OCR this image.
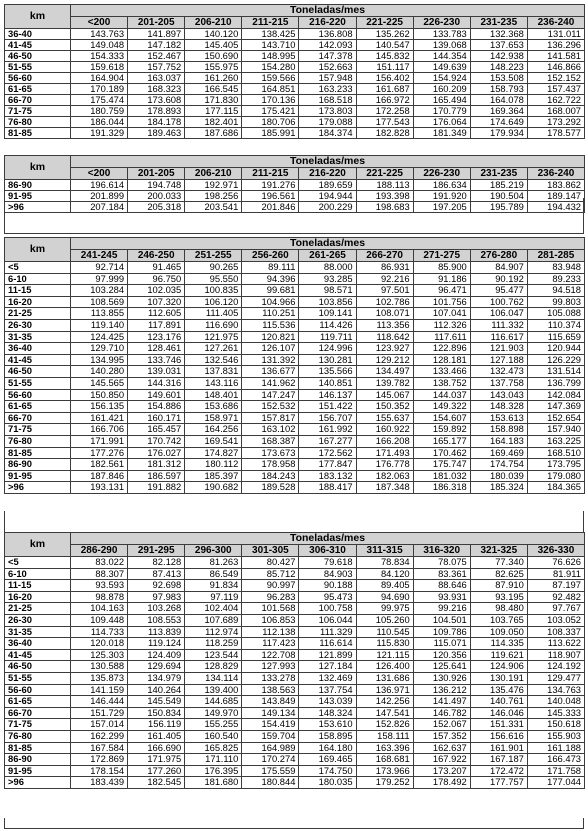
km	Toneladas/mes								
	<200	201-205	206-210	211-215	216-220	221-225	226-230	231-235	236-240
36-40	143.763	141.897	140.120	138.425	136.808	135.262	133.783	132.368	131.011
41-45	149.048	147.182	145.405	143.710	142.093	140.547	139.068	137.653	136.296
46-50	154.333	152.467	150.690	148.995	147.378	145.832	144.354	142.938	141.581
51-55	159.618	157.752	155.975	154.280	152.663	151.117	149.639	148.223	146.866
56-60	164.904	163.037	161.260	159.566	157.948	156.402	154.924	153.508	152.152
61-65	170.189	168.323	166.545	164.851	163.233	161.687	160.209	158.793	157.437
66-70	175.474	173.608	171.830	170.136	168.518	166.972	165.494	164.078	162.722
71-75	180.759	178.893	177.115	175.421	173.803	172.258	170.779	169.364	168.007
76-80	186.044	184.178	182.401	180.706	179.088	177.543	176.064	174.649	173.292
81-85	191.329	189.463	187.686	185.991	184.374	182.828	181.349	179.934	178.577
km	Toneladas/mes								
	<200	201-205	206-210	211-215	216-220	221-225	226-230	231-235	236-240
86-90	196.614	194.748	192.971	191.276	189.659	188.113	186.634	185.219	183.862
91-95	201.899	200.033	198.256	196.561	194.944	193.398	191.920	190.504	189.147
>96	207.184	205.318	203.541	201.846	200.229	198.683	197.205	195.789	194.432
km	Toneladas/mes								
	241-245	246-250	251-255	256-260	261-265	266-270	271-275	276-280	281-285
<5	92.714	91.465	90.265	89.111	88.000	86.931	85.900	84.907	83.948
6-10	97.999	96.750	95.550	94.396	93.285	92.216	91.186	90.192	89.233
11-15	103.284	102.035	100.835	99.681	98.571	97.501	96.471	95.477	94.518
16-20	108.569	107.320	106.120	104.966	103.856	102.786	101.756	100.762	99.803
21-25	113.855	112.605	111.405	110.251	109.141	108.071	107.041	106.047	105.088
26-30	119.140	117.891	116.690	115.536	114.426	113.356	112.326	111.332	110.374
31-35	124.425	123.176	121.975	120.821	119.711	118.642	117.611	116.617	115.659
36-40	129.710	128.461	127.261	126.107	124.996	123.927	122.896	121.903	120.944
41-45	134.995	133.746	132.546	131.392	130.281	129.212	128.181	127.188	126.229
46-50	140.280	139.031	137.831	136.677	135.566	134.497	133.466	132.473	131.514
51-55	145.565	144.316	143.116	141.962	140.851	139.782	138.752	137.758	136.799
56-60	150.850	149.601	148.401	147.247	146.137	145.067	144.037	143.043	142.084
61-65	156.135	154.886	153.686	152.532	151.422	150.352	149.322	148.328	147.369
66-70	161.421	160.171	158.971	157.817	156.707	155.637	154.607	153.613	152.654
71-75	166.706	165.457	164.256	163.102	161.992	160.922	159.892	158.898	157.940
76-80	171.991	170.742	169.541	168.387	167.277	166.208	165.177	164.183	163.225
81-85	177.276	176.027	174.827	173.673	172.562	171.493	170.462	169.469	168.510
86-90	182.561	181.312	180.112	178.958	177.847	176.778	175.747	174.754	173.795
91-95	187.846	186.597	185.397	184.243	183.132	182.063	181.032	180.039	179.080
>96	193.131	191.882	190.682	189.528	188.417	187.348	186.318	185.324	184.365
km	Toneladas/mes								
	286-290	291-295	296-300	301-305	306-310	311-315	316-320	321-325	326-330
<5	83.022	82.128	81.263	80.427	79.618	78.834	78.075	77.340	76.626
6-10	88.307	87.413	86.549	85.712	84.903	84.120	83.361	82.625	81.911
11-15	93.593	92.698	91.834	90.997	90.188	89.405	88.646	87.910	87.197
16-20	98.878	97.983	97.119	96.283	95.473	94.690	93.931	93.195	92.482
21-25	104.163	103.268	102.404	101.568	100.758	99.975	99.216	98.480	97.767
26-30	109.448	108.553	107.689	106.853	106.044	105.260	104.501	103.765	103.052
31-35	114.733	113.839	112.974	112.138	111.329	110.545	109.786	109.050	108.337
36-40	120.018	119.124	118.259	117.423	116.614	115.830	115.071	114.335	113.622
41-45	125.303	124.409	123.544	122.708	121.899	121.115	120.356	119.621	118.907
46-50	130.588	129.694	128.829	127.993	127.184	126.400	125.641	124.906	124.192
51-55	135.873	134.979	134.114	133.278	132.469	131.686	130.926	130.191	129.477
56-60	141.159	140.264	139.400	138.563	137.754	136.971	136.212	135.476	134.763
61-65	146.444	145.549	144.685	143.849	143.039	142.256	141.497	140.761	140.048
66-70	151.729	150.834	149.970	149.134	148.324	147.541	146.782	146.046	145.333
71-75	157.014	156.119	155.255	154.419	153.610	152.826	152.067	151.331	150.618
76-80	162.299	161.405	160.540	159.704	158.895	158.111	157.352	156.616	155.903
81-85	167.584	166.690	165.825	164.989	164.180	163.396	162.637	161.901	161.188
86-90	172.869	171.975	171.110	170.274	169.465	168.681	167.922	167.187	166.473
91-95	178.154	177.260	176.395	175.559	174.750	173.966	173.207	172.472	171.758
>96	183.439	182.545	181.680	180.844	180.035	179.252	178.492	177.757	177.044
